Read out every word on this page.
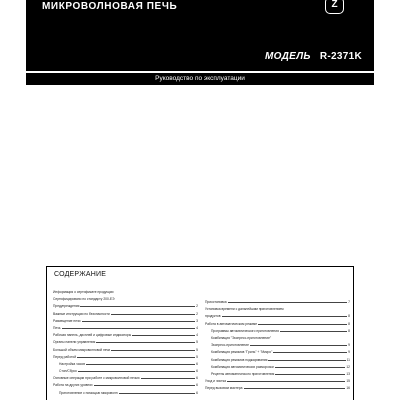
МИКРОВОЛНОВАЯ ПЕЧЬ	Z
МОДЕЛЬ R-2371K
Руководство по эксплуатации
СОДЕРЖАНИЕ
Информация о сертификате продукции
Сертифицировано по стандарту 200-ЕЭ
Предупреждения	2
Важные инструкции по безопасности	2
Размещение печи	3
Печь	4
Рабочая панель, дисплей и цифровые индикаторы	4
Органы панели управления	5
Большой объем микроволновой печи	5
Перед работой	5
Настройка часов	6
Стоп/Сброс	6
Основные операции при работе с микроволновой печью	6
Работа на других уровнях	6
Приготовление с помощью микроволн	6
Приостановка	7
Установка времени с дальнейшим приготовлением
продуктов	8
Работа в автоматическом режиме	8
Программы автоматического приготовления	8
Комбинация "Экспресс-приготовление"
Экспресс-приготовление	9
Комбинация режимов "Гриль" + "Микро"	9
Комбинация режимов поджаривания	11
Комбинация автоматических разморозки	12
Рецепты автоматического приготовления	13
Уход и чистка	15
Перед вызовом мастера	16
